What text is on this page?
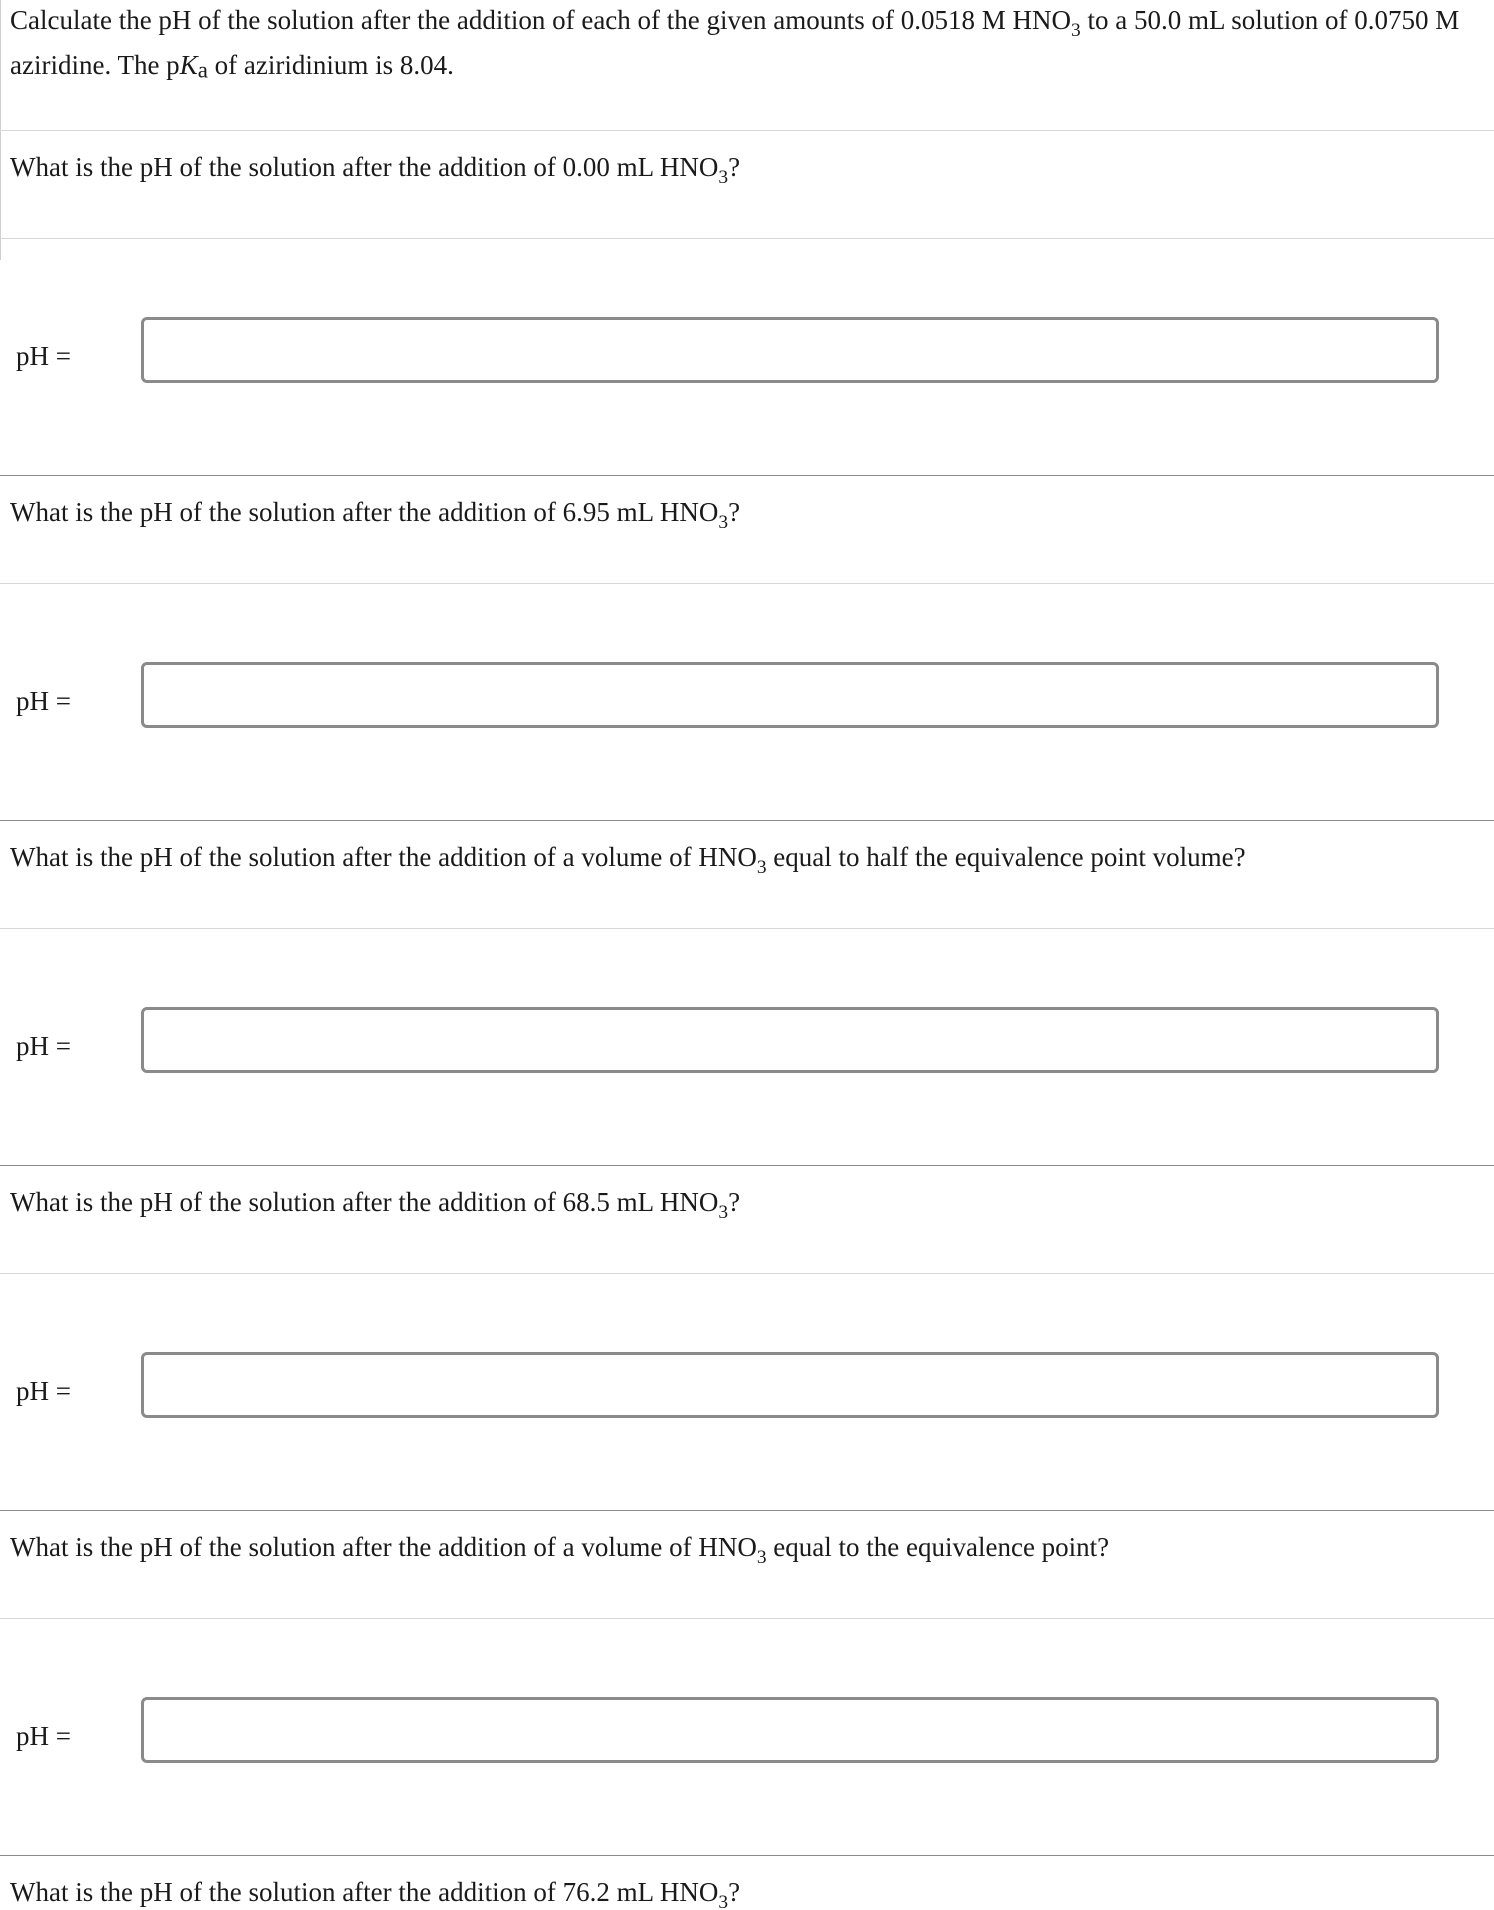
Calculate the pH of the solution after the addition of each of the given amounts of 0.0518 M $HNO_3$ to a 50.0 mL solution of 0.0750 M aziridine. The pKa of aziridinium is 8.04.

What is the pH of the solution after the addition of 0.00 mL $HNO_3$?

pH =

What is the pH of the solution after the addition of 6.95 mL $HNO_3$?

pH =

What is the pH of the solution after the addition of a volume of $HNO_3$ equal to half the equivalence point volume?

pH =

What is the pH of the solution after the addition of 68.5 mL $HNO_3$?

pH =

What is the pH of the solution after the addition of a volume of $HNO_3$ equal to the equivalence point?

pH =

What is the pH of the solution after the addition of 76.2 mL $HNO_3$?
